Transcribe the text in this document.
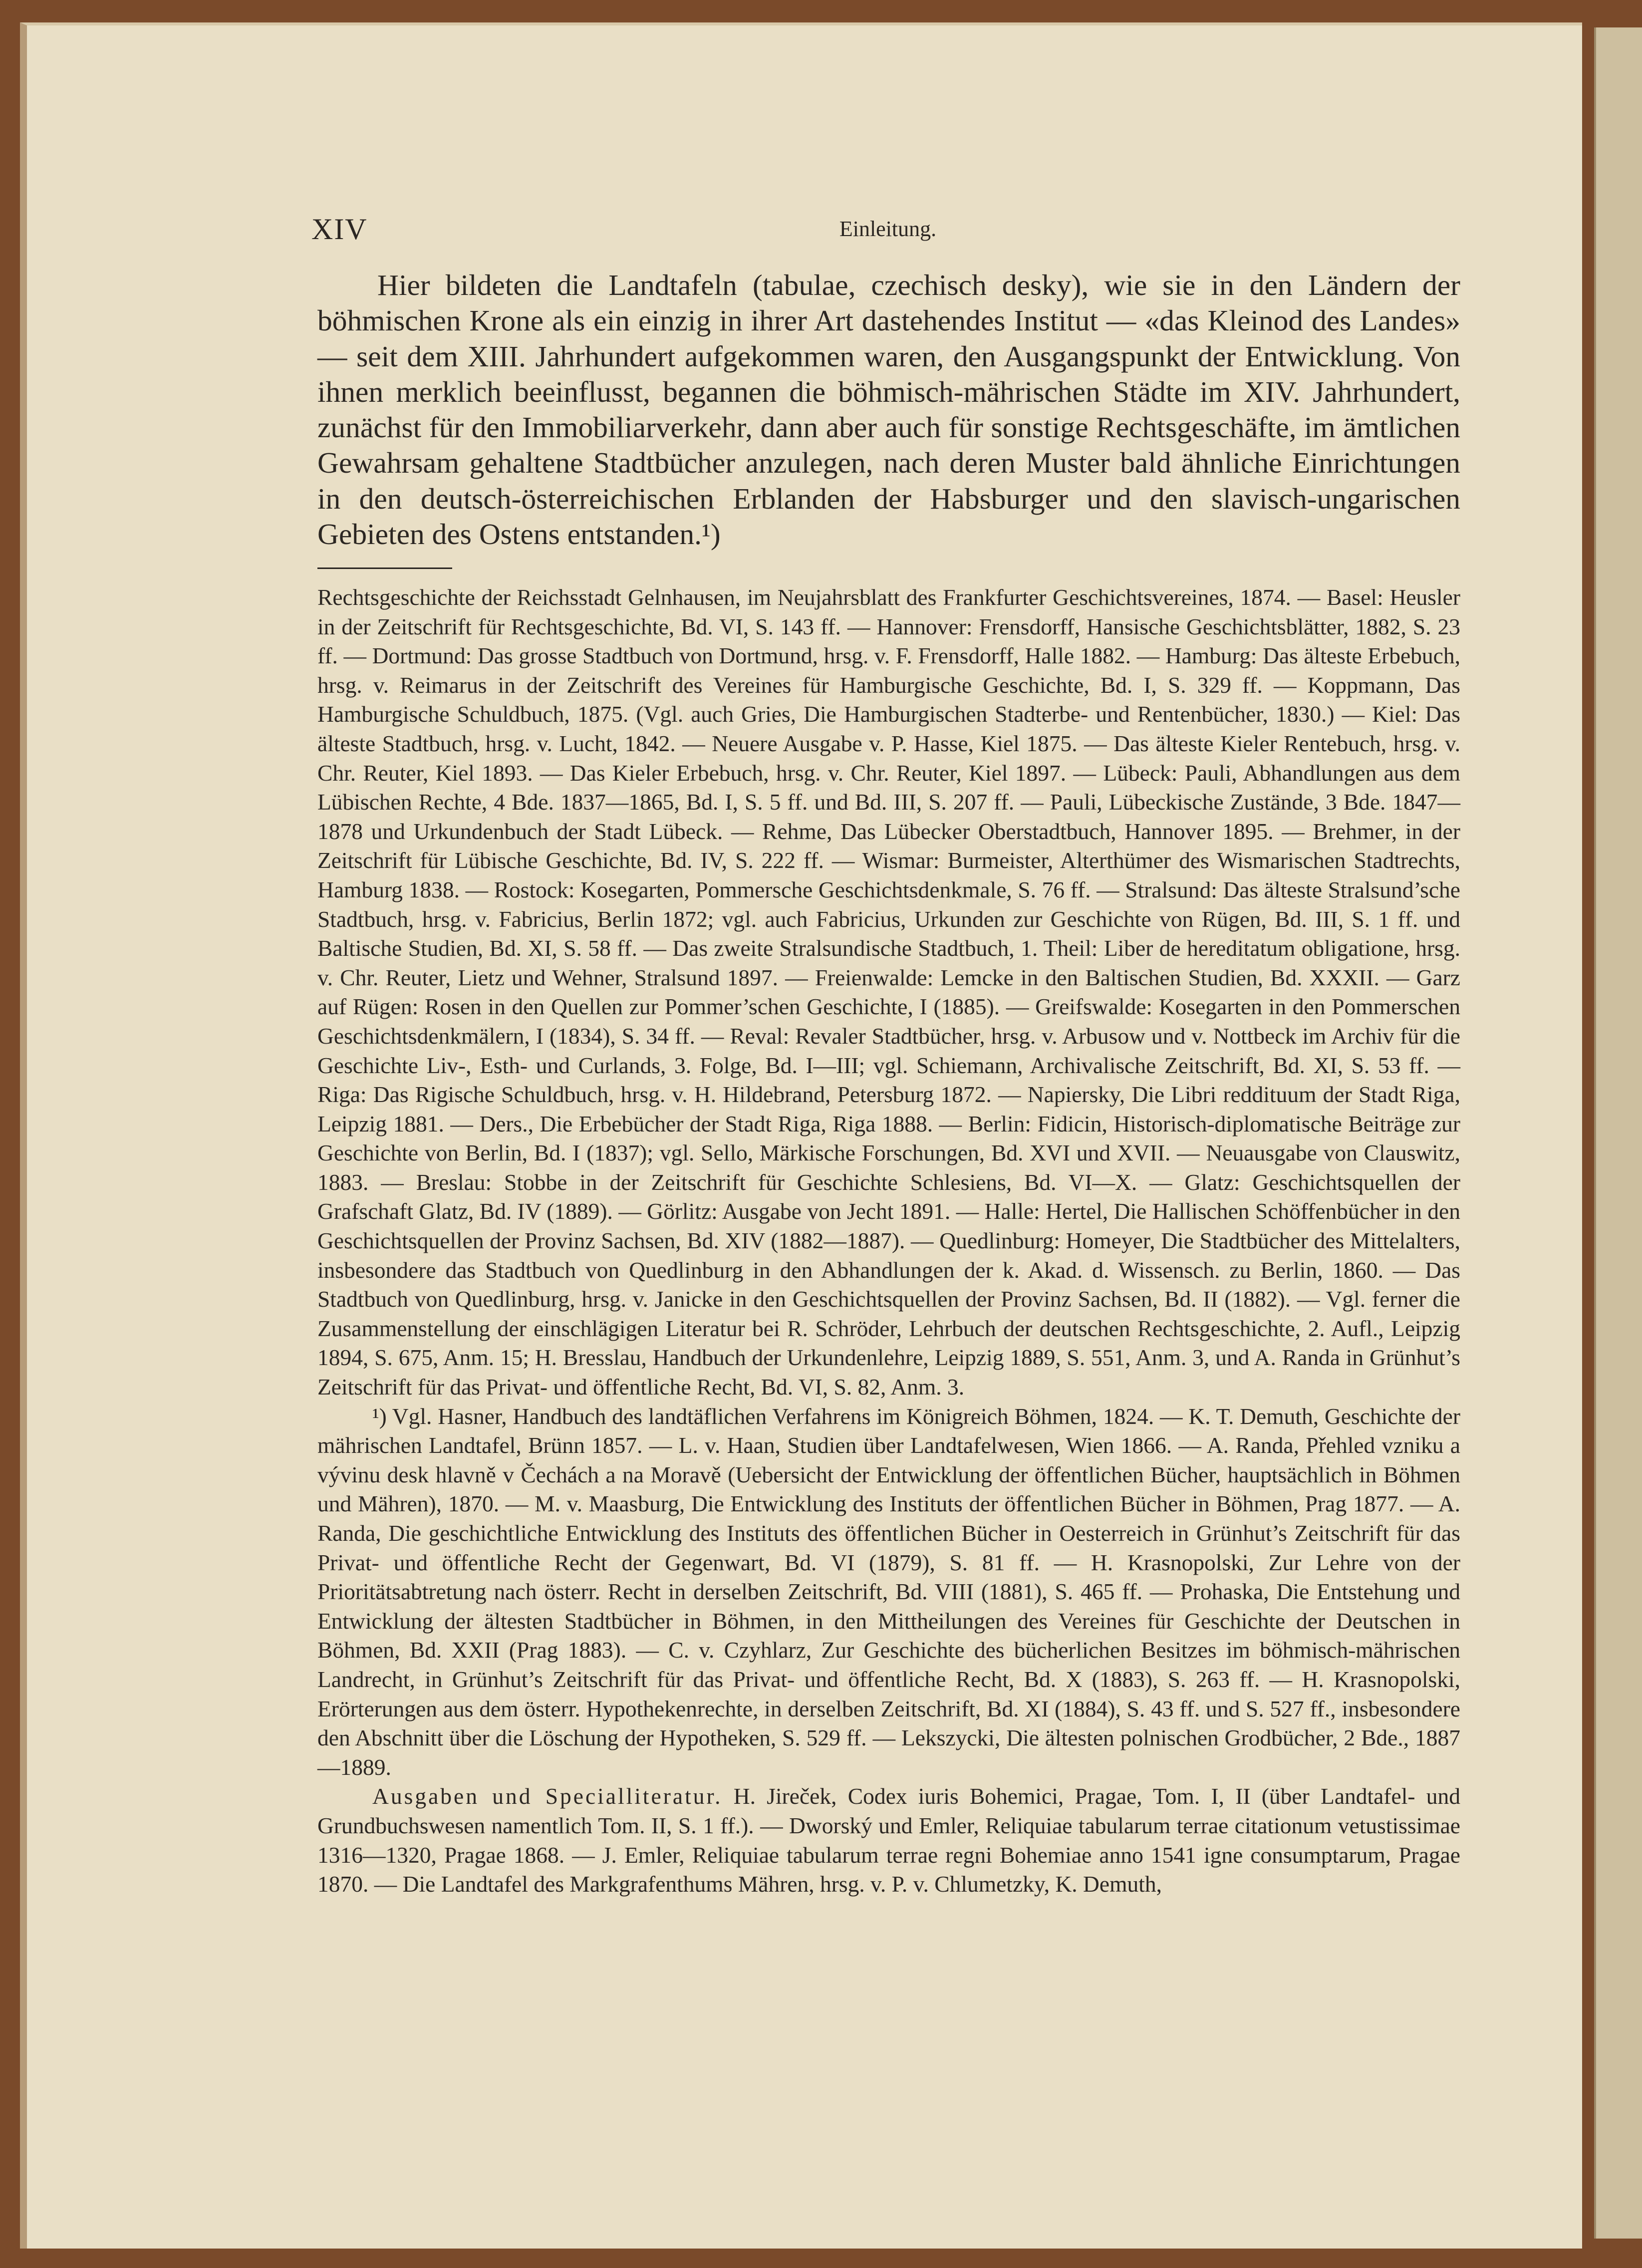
XIV	Einleitung.

Hier bildeten die Landtafeln (tabulae, czechisch desky), wie sie in den Ländern der böhmischen Krone als ein einzig in ihrer Art dastehendes Institut — «das Kleinod des Landes» — seit dem XIII. Jahrhundert aufgekommen waren, den Ausgangspunkt der Entwicklung. Von ihnen merklich beeinflusst, begannen die böhmisch-mährischen Städte im XIV. Jahrhundert, zunächst für den Immobiliarverkehr, dann aber auch für sonstige Rechtsgeschäfte, im ämtlichen Gewahrsam gehaltene Stadtbücher anzulegen, nach deren Muster bald ähnliche Einrichtungen in den deutsch-österreichischen Erblanden der Habsburger und den slavisch-ungarischen Gebieten des Ostens entstanden.¹)

Rechtsgeschichte der Reichsstadt Gelnhausen, im Neujahrsblatt des Frankfurter Geschichtsvereines, 1874. — Basel: Heusler in der Zeitschrift für Rechtsgeschichte, Bd. VI, S. 143 ff. — Hannover: Frensdorff, Hansische Geschichtsblätter, 1882, S. 23 ff. — Dortmund: Das grosse Stadtbuch von Dortmund, hrsg. v. F. Frensdorff, Halle 1882. — Hamburg: Das älteste Erbebuch, hrsg. v. Reimarus in der Zeitschrift des Vereines für Hamburgische Geschichte, Bd. I, S. 329 ff. — Koppmann, Das Hamburgische Schuldbuch, 1875. (Vgl. auch Gries, Die Hamburgischen Stadterbe- und Rentenbücher, 1830.) — Kiel: Das älteste Stadtbuch, hrsg. v. Lucht, 1842. — Neuere Ausgabe v. P. Hasse, Kiel 1875. — Das älteste Kieler Rentebuch, hrsg. v. Chr. Reuter, Kiel 1893. — Das Kieler Erbebuch, hrsg. v. Chr. Reuter, Kiel 1897. — Lübeck: Pauli, Abhandlungen aus dem Lübischen Rechte, 4 Bde. 1837—1865, Bd. I, S. 5 ff. und Bd. III, S. 207 ff. — Pauli, Lübeckische Zustände, 3 Bde. 1847—1878 und Urkundenbuch der Stadt Lübeck. — Rehme, Das Lübecker Oberstadtbuch, Hannover 1895. — Brehmer, in der Zeitschrift für Lübische Geschichte, Bd. IV, S. 222 ff. — Wismar: Burmeister, Alterthümer des Wismarischen Stadtrechts, Hamburg 1838. — Rostock: Kosegarten, Pommersche Geschichtsdenkmale, S. 76 ff. — Stralsund: Das älteste Stralsund’sche Stadtbuch, hrsg. v. Fabricius, Berlin 1872; vgl. auch Fabricius, Urkunden zur Geschichte von Rügen, Bd. III, S. 1 ff. und Baltische Studien, Bd. XI, S. 58 ff. — Das zweite Stralsundische Stadtbuch, 1. Theil: Liber de hereditatum obligatione, hrsg. v. Chr. Reuter, Lietz und Wehner, Stralsund 1897. — Freienwalde: Lemcke in den Baltischen Studien, Bd. XXXII. — Garz auf Rügen: Rosen in den Quellen zur Pommer’schen Geschichte, I (1885). — Greifswalde: Kosegarten in den Pommerschen Geschichtsdenkmälern, I (1834), S. 34 ff. — Reval: Revaler Stadtbücher, hrsg. v. Arbusow und v. Nottbeck im Archiv für die Geschichte Liv-, Esth- und Curlands, 3. Folge, Bd. I—III; vgl. Schiemann, Archivalische Zeitschrift, Bd. XI, S. 53 ff. — Riga: Das Rigische Schuldbuch, hrsg. v. H. Hildebrand, Petersburg 1872. — Napiersky, Die Libri reddituum der Stadt Riga, Leipzig 1881. — Ders., Die Erbebücher der Stadt Riga, Riga 1888. — Berlin: Fidicin, Historisch-diplomatische Beiträge zur Geschichte von Berlin, Bd. I (1837); vgl. Sello, Märkische Forschungen, Bd. XVI und XVII. — Neuausgabe von Clauswitz, 1883. — Breslau: Stobbe in der Zeitschrift für Geschichte Schlesiens, Bd. VI—X. — Glatz: Geschichtsquellen der Grafschaft Glatz, Bd. IV (1889). — Görlitz: Ausgabe von Jecht 1891. — Halle: Hertel, Die Hallischen Schöffenbücher in den Geschichtsquellen der Provinz Sachsen, Bd. XIV (1882—1887). — Quedlinburg: Homeyer, Die Stadtbücher des Mittelalters, insbesondere das Stadtbuch von Quedlinburg in den Abhandlungen der k. Akad. d. Wissensch. zu Berlin, 1860. — Das Stadtbuch von Quedlinburg, hrsg. v. Janicke in den Geschichtsquellen der Provinz Sachsen, Bd. II (1882). — Vgl. ferner die Zusammenstellung der einschlägigen Literatur bei R. Schröder, Lehrbuch der deutschen Rechtsgeschichte, 2. Aufl., Leipzig 1894, S. 675, Anm. 15; H. Bresslau, Handbuch der Urkundenlehre, Leipzig 1889, S. 551, Anm. 3, und A. Randa in Grünhut’s Zeitschrift für das Privat- und öffentliche Recht, Bd. VI, S. 82, Anm. 3.

¹) Vgl. Hasner, Handbuch des landtäflichen Verfahrens im Königreich Böhmen, 1824. — K. T. Demuth, Geschichte der mährischen Landtafel, Brünn 1857. — L. v. Haan, Studien über Landtafelwesen, Wien 1866. — A. Randa, Přehled vzniku a vývinu desk hlavně v Čechách a na Moravě (Uebersicht der Entwicklung der öffentlichen Bücher, hauptsächlich in Böhmen und Mähren), 1870. — M. v. Maasburg, Die Entwicklung des Instituts der öffentlichen Bücher in Böhmen, Prag 1877. — A. Randa, Die geschichtliche Entwicklung des Instituts des öffentlichen Bücher in Oesterreich in Grünhut’s Zeitschrift für das Privat- und öffentliche Recht der Gegenwart, Bd. VI (1879), S. 81 ff. — H. Krasnopolski, Zur Lehre von der Prioritätsabtretung nach österr. Recht in derselben Zeitschrift, Bd. VIII (1881), S. 465 ff. — Prohaska, Die Entstehung und Entwicklung der ältesten Stadtbücher in Böhmen, in den Mittheilungen des Vereines für Geschichte der Deutschen in Böhmen, Bd. XXII (Prag 1883). — C. v. Czyhlarz, Zur Geschichte des bücherlichen Besitzes im böhmisch-mährischen Landrecht, in Grünhut’s Zeitschrift für das Privat- und öffentliche Recht, Bd. X (1883), S. 263 ff. — H. Krasnopolski, Erörterungen aus dem österr. Hypothekenrechte, in derselben Zeitschrift, Bd. XI (1884), S. 43 ff. und S. 527 ff., insbesondere den Abschnitt über die Löschung der Hypotheken, S. 529 ff. — Lekszycki, Die ältesten polnischen Grodbücher, 2 Bde., 1887—1889.

Ausgaben und Specialliteratur. H. Jireček, Codex iuris Bohemici, Pragae, Tom. I, II (über Landtafel- und Grundbuchswesen namentlich Tom. II, S. 1 ff.). — Dworský und Emler, Reliquiae tabularum terrae citationum vetustissimae 1316—1320, Pragae 1868. — J. Emler, Reliquiae tabularum terrae regni Bohemiae anno 1541 igne consumptarum, Pragae 1870. — Die Landtafel des Markgrafenthums Mähren, hrsg. v. P. v. Chlumetzky, K. Demuth,
